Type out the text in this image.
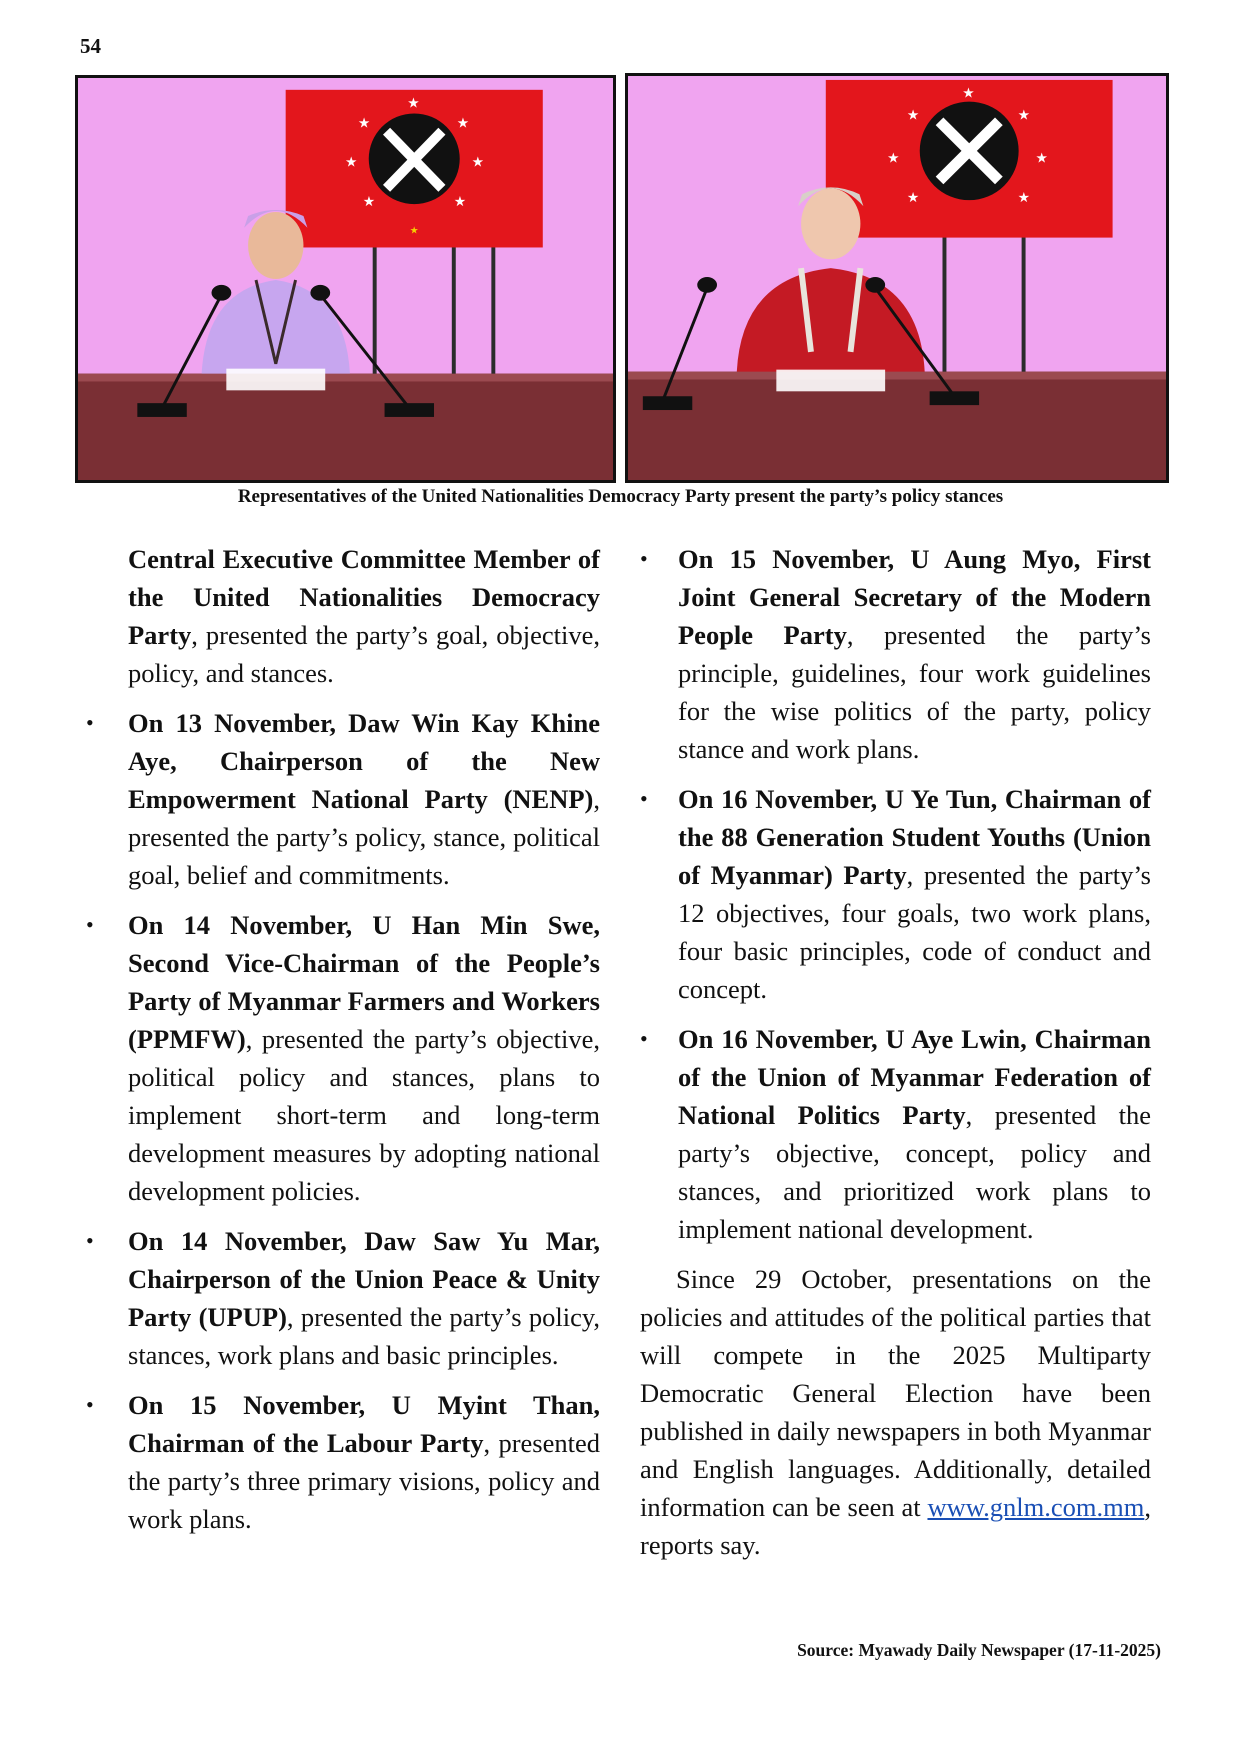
54
★
★	★
★	★
★	★
★
★
★	★
★	★
★	★
Representatives of the United Nationalities Democracy Party present the party’s policy stances

Central Executive Committee Member of the United Nationalities Democracy Party, presented the party’s goal, objective, policy, and stances.

• On 13 November, Daw Win Kay Khine Aye, Chairperson of the New Empowerment National Party (NENP), presented the party’s policy, stance, political goal, belief and commitments.
• On 14 November, U Han Min Swe, Second Vice-Chairman of the People’s Party of Myanmar Farmers and Workers (PPMFW), presented the party’s objective, political policy and stances, plans to implement short-term and long-term development measures by adopting national development policies.
• On 14 November, Daw Saw Yu Mar, Chairperson of the Union Peace & Unity Party (UPUP), presented the party’s policy, stances, work plans and basic principles.
• On 15 November, U Myint Than, Chairman of the Labour Party, presented the party’s three primary visions, policy and work plans.
• On 15 November, U Aung Myo, First Joint General Secretary of the Modern People Party, presented the party’s principle, guidelines, four work guidelines for the wise politics of the party, policy stance and work plans.
• On 16 November, U Ye Tun, Chairman of the 88 Generation Student Youths (Union of Myanmar) Party, presented the party’s 12 objectives, four goals, two work plans, four basic principles, code of conduct and concept.
• On 16 November, U Aye Lwin, Chairman of the Union of Myanmar Federation of National Politics Party, presented the party’s objective, concept, policy and stances, and prioritized work plans to implement national development.

Since 29 October, presentations on the policies and attitudes of the political parties that will compete in the 2025 Multiparty Democratic General Election have been published in daily newspapers in both Myanmar and English languages. Additionally, detailed information can be seen at www.gnlm.com.mm, reports say.

Source: Myawady Daily Newspaper (17-11-2025)
